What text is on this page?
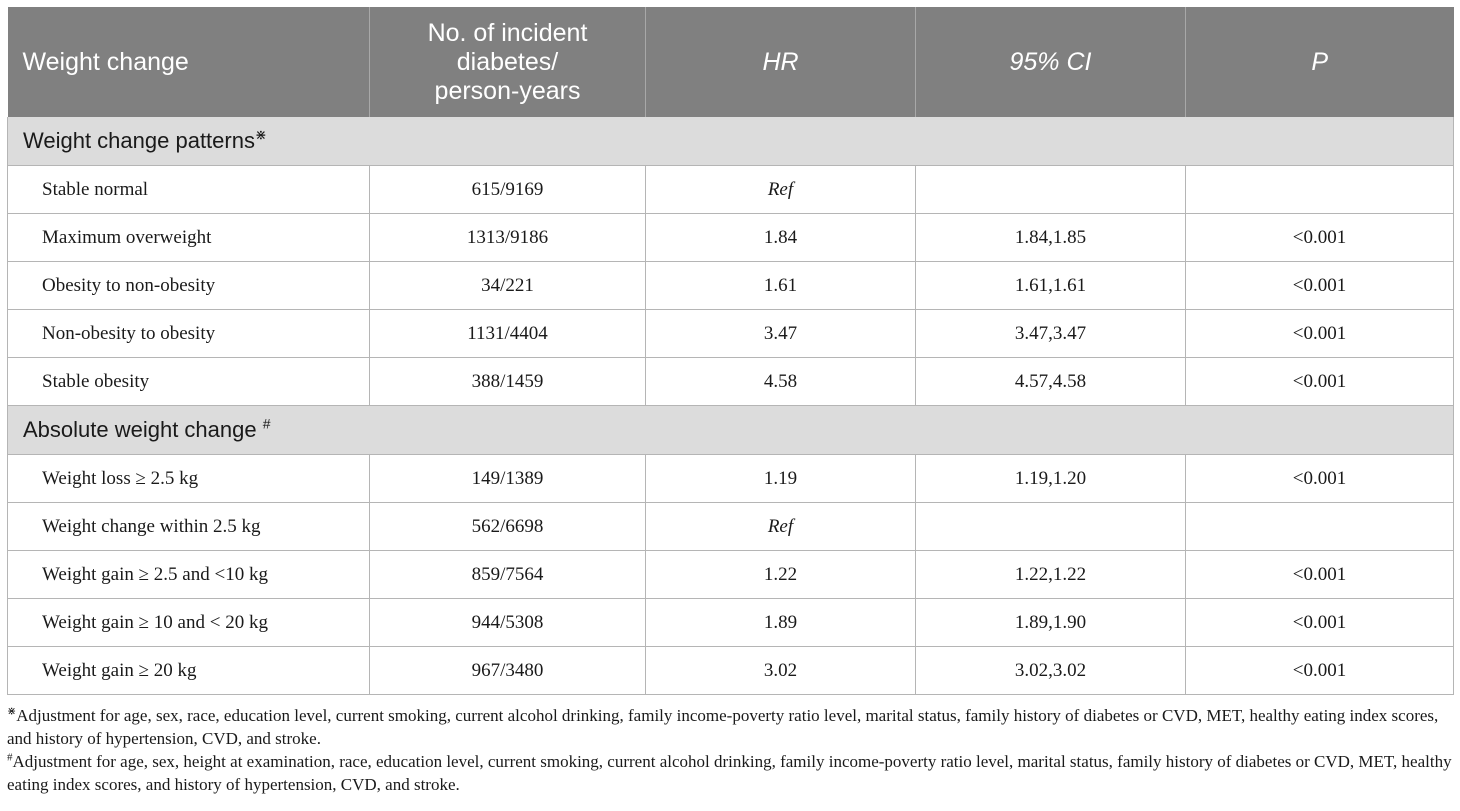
Weight change	No. of incident
diabetes/
person-years	HR	95% CI	P
Weight change patterns⋇
Stable normal	615/9169	Ref		
Maximum overweight	1313/9186	1.84	1.84,1.85	<0.001
Obesity to non-obesity	34/221	1.61	1.61,1.61	<0.001
Non-obesity to obesity	1131/4404	3.47	3.47,3.47	<0.001
Stable obesity	388/1459	4.58	4.57,4.58	<0.001
Absolute weight change #
Weight loss ≥ 2.5 kg	149/1389	1.19	1.19,1.20	<0.001
Weight change within 2.5 kg	562/6698	Ref		
Weight gain ≥ 2.5 and <10 kg	859/7564	1.22	1.22,1.22	<0.001
Weight gain ≥ 10 and < 20 kg	944/5308	1.89	1.89,1.90	<0.001
Weight gain ≥ 20 kg	967/3480	3.02	3.02,3.02	<0.001

⋇Adjustment for age, sex, race, education level, current smoking, current alcohol drinking, family income-poverty ratio level, marital status, family history of diabetes or CVD, MET, healthy eating index scores, and history of hypertension, CVD, and stroke.

#Adjustment for age, sex, height at examination, race, education level, current smoking, current alcohol drinking, family income-poverty ratio level, marital status, family history of diabetes or CVD, MET, healthy eating index scores, and history of hypertension, CVD, and stroke.
